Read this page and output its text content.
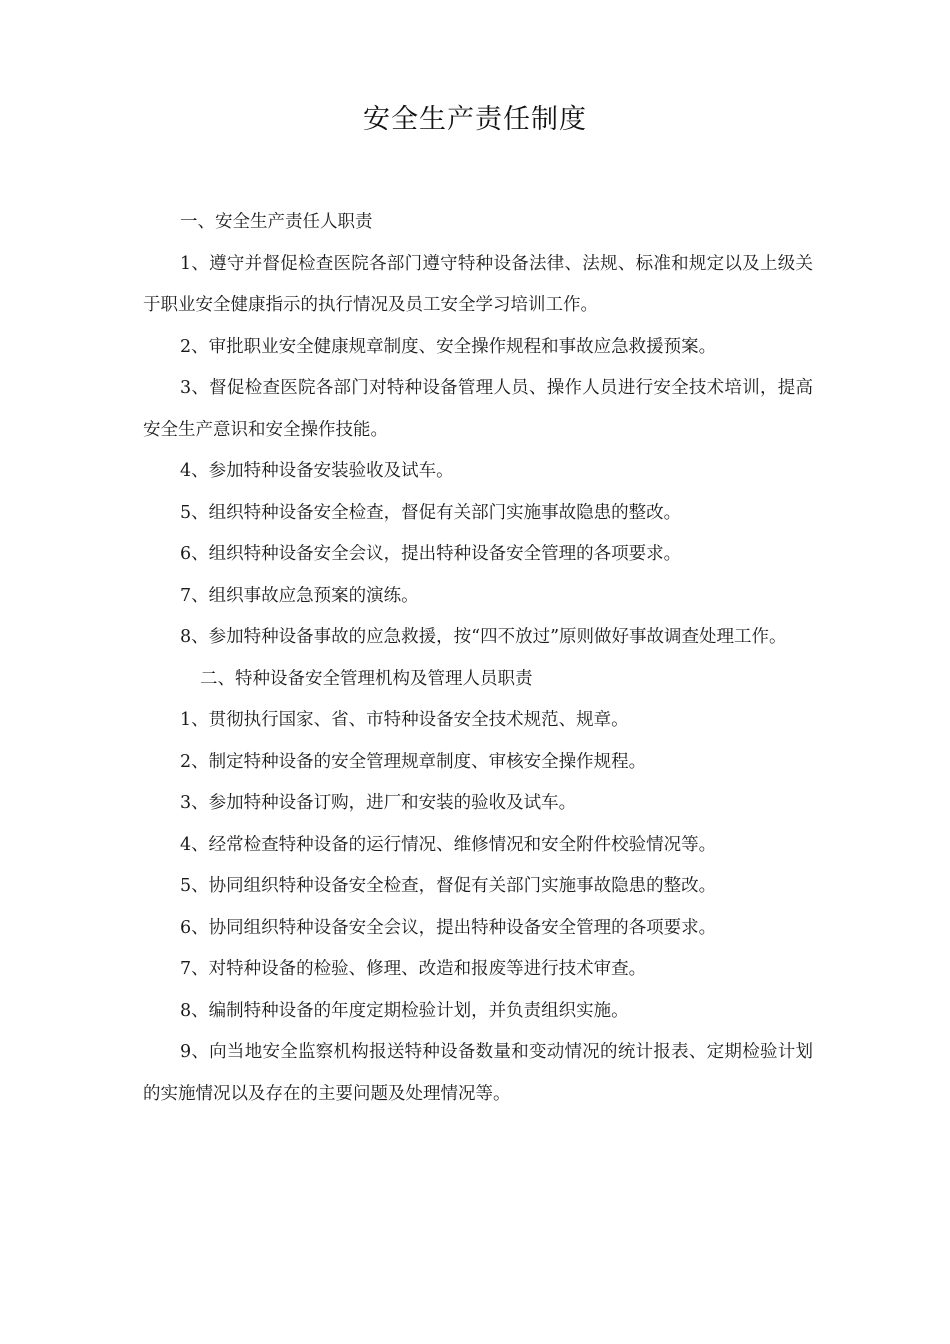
安全生产责任制度

一、安全生产责任人职责

1、遵守并督促检查医院各部门遵守特种设备法律、法规、标准和规定以及上级关于职业安全健康指示的执行情况及员工安全学习培训工作。

2、审批职业安全健康规章制度、安全操作规程和事故应急救援预案。

3、督促检查医院各部门对特种设备管理人员、操作人员进行安全技术培训，提高安全生产意识和安全操作技能。

4、参加特种设备安装验收及试车。

5、组织特种设备安全检查，督促有关部门实施事故隐患的整改。

6、组织特种设备安全会议，提出特种设备安全管理的各项要求。

7、组织事故应急预案的演练。

8、参加特种设备事故的应急救援，按“四不放过”原则做好事故调查处理工作。

二、特种设备安全管理机构及管理人员职责

1、贯彻执行国家、省、市特种设备安全技术规范、规章。

2、制定特种设备的安全管理规章制度、审核安全操作规程。

3、参加特种设备订购，进厂和安装的验收及试车。

4、经常检查特种设备的运行情况、维修情况和安全附件校验情况等。

5、协同组织特种设备安全检查，督促有关部门实施事故隐患的整改。

6、协同组织特种设备安全会议，提出特种设备安全管理的各项要求。

7、对特种设备的检验、修理、改造和报废等进行技术审查。

8、编制特种设备的年度定期检验计划，并负责组织实施。

9、向当地安全监察机构报送特种设备数量和变动情况的统计报表、定期检验计划的实施情况以及存在的主要问题及处理情况等。
